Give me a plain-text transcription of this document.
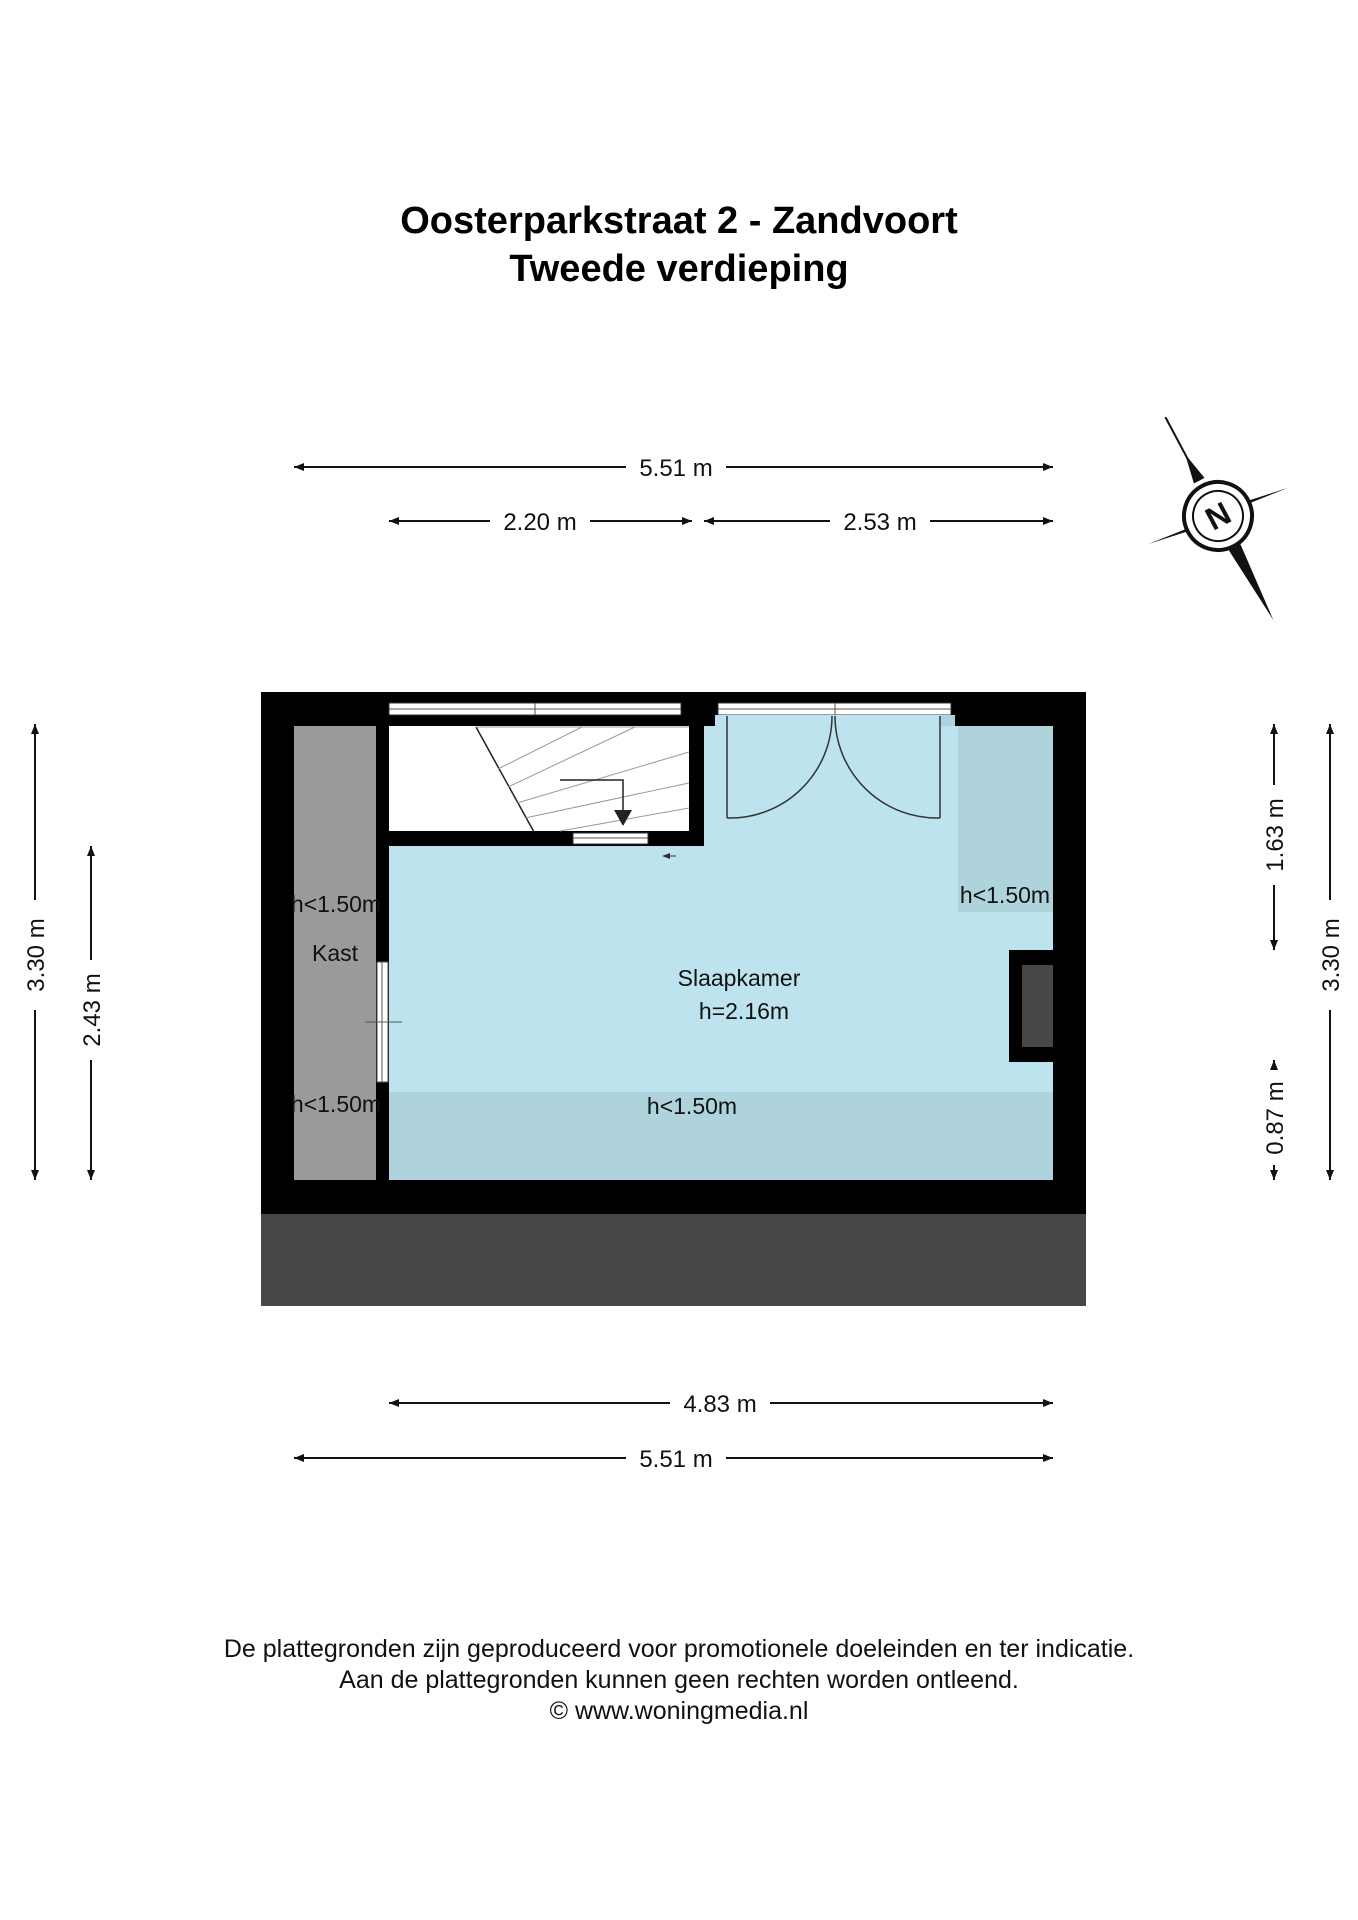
Oosterparkstraat 2 - Zandvoort
Tweede verdieping
5.51 m
2.20 m	2.53 m
3.30 m
2.43 m
1.63 m
0.87 m
3.30 m
Slaapkamer
h=2.16m
h<1.50m
h<1.50m
Kast
h<1.50m
h<1.50m
4.83 m
5.51 m
N
De plattegronden zijn geproduceerd voor promotionele doeleinden en ter indicatie.
Aan de plattegronden kunnen geen rechten worden ontleend.
© www.woningmedia.nl
